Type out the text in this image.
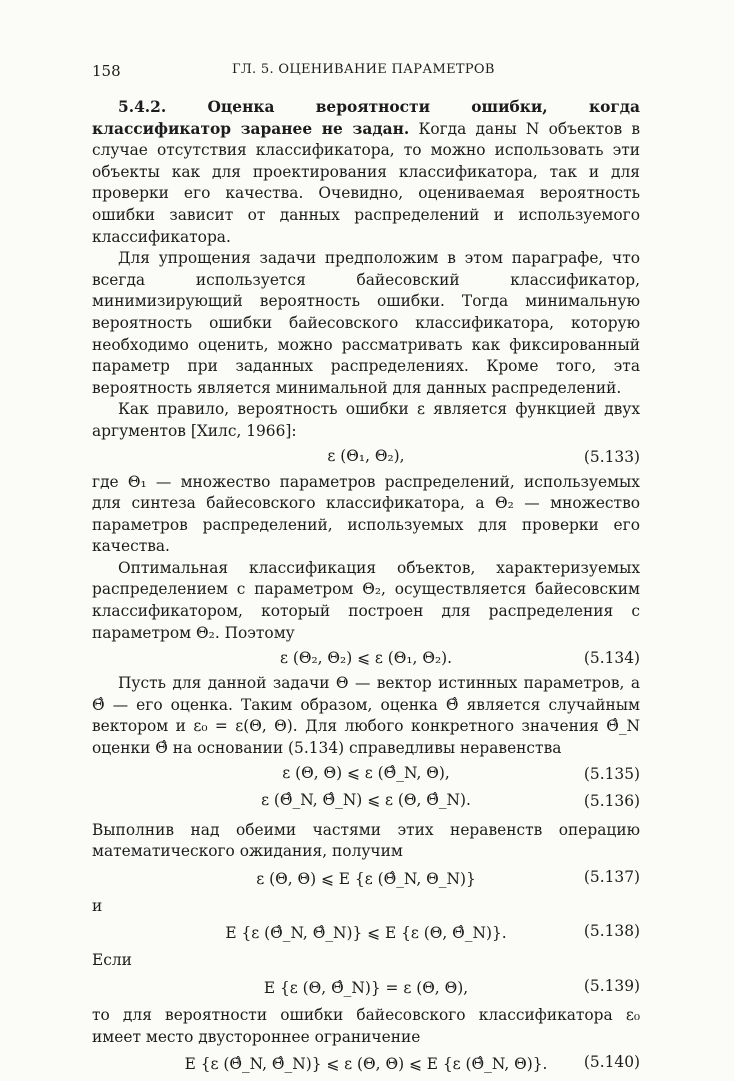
158	ГЛ. 5. ОЦЕНИВАНИЕ ПАРАМЕТРОВ

5.4.2. Оценка вероятности ошибки, когда классификатор заранее не задан. Когда даны N объектов в случае отсутствия классификатора, то можно использовать эти объекты как для проектирования классификатора, так и для проверки его качества. Очевидно, оцениваемая вероятность ошибки зависит от данных распределений и используемого классификатора.

Для упрощения задачи предположим в этом параграфе, что всегда используется байесовский классификатор, минимизирующий вероятность ошибки. Тогда минимальную вероятность ошибки байесовского классификатора, которую необходимо оценить, можно рассматривать как фиксированный параметр при заданных распределениях. Кроме того, эта вероятность является минимальной для данных распределений.

Как правило, вероятность ошибки ε является функцией двух аргументов [Хилс, 1966]:

ε (Θ₁, Θ₂),	(5.133)

где Θ₁ — множество параметров распределений, используемых для синтеза байесовского классификатора, а Θ₂ — множество параметров распределений, используемых для проверки его качества.

Оптимальная классификация объектов, характеризуемых распределением с параметром Θ₂, осуществляется байесовским классификатором, который построен для распределения с параметром Θ₂. Поэтому

ε (Θ₂, Θ₂) ⩽ ε (Θ₁, Θ₂).	(5.134)

Пусть для данной задачи Θ — вектор истинных параметров, а Θ̂ — его оценка. Таким образом, оценка Θ̂ является случайным вектором и ε₀ = ε(Θ, Θ). Для любого конкретного значения Θ̂_N оценки Θ̂ на основании (5.134) справедливы неравенства

ε (Θ, Θ) ⩽ ε (Θ̂_N, Θ),	(5.135)
ε (Θ̂_N, Θ̂_N) ⩽ ε (Θ, Θ̂_N).	(5.136)

Выполнив над обеими частями этих неравенств операцию математического ожидания, получим

ε (Θ, Θ) ⩽ E {ε (Θ̂_N, Θ_N)}	(5.137)

и

E {ε (Θ̂_N, Θ̂_N)} ⩽ E {ε (Θ, Θ̂_N)}.	(5.138)

Если

E {ε (Θ, Θ̂_N)} = ε (Θ, Θ),	(5.139)

то для вероятности ошибки байесовского классификатора ε₀ имеет место двустороннее ограничение

E {ε (Θ̂_N, Θ̂_N)} ⩽ ε (Θ, Θ) ⩽ E {ε (Θ̂_N, Θ)}.	(5.140)
